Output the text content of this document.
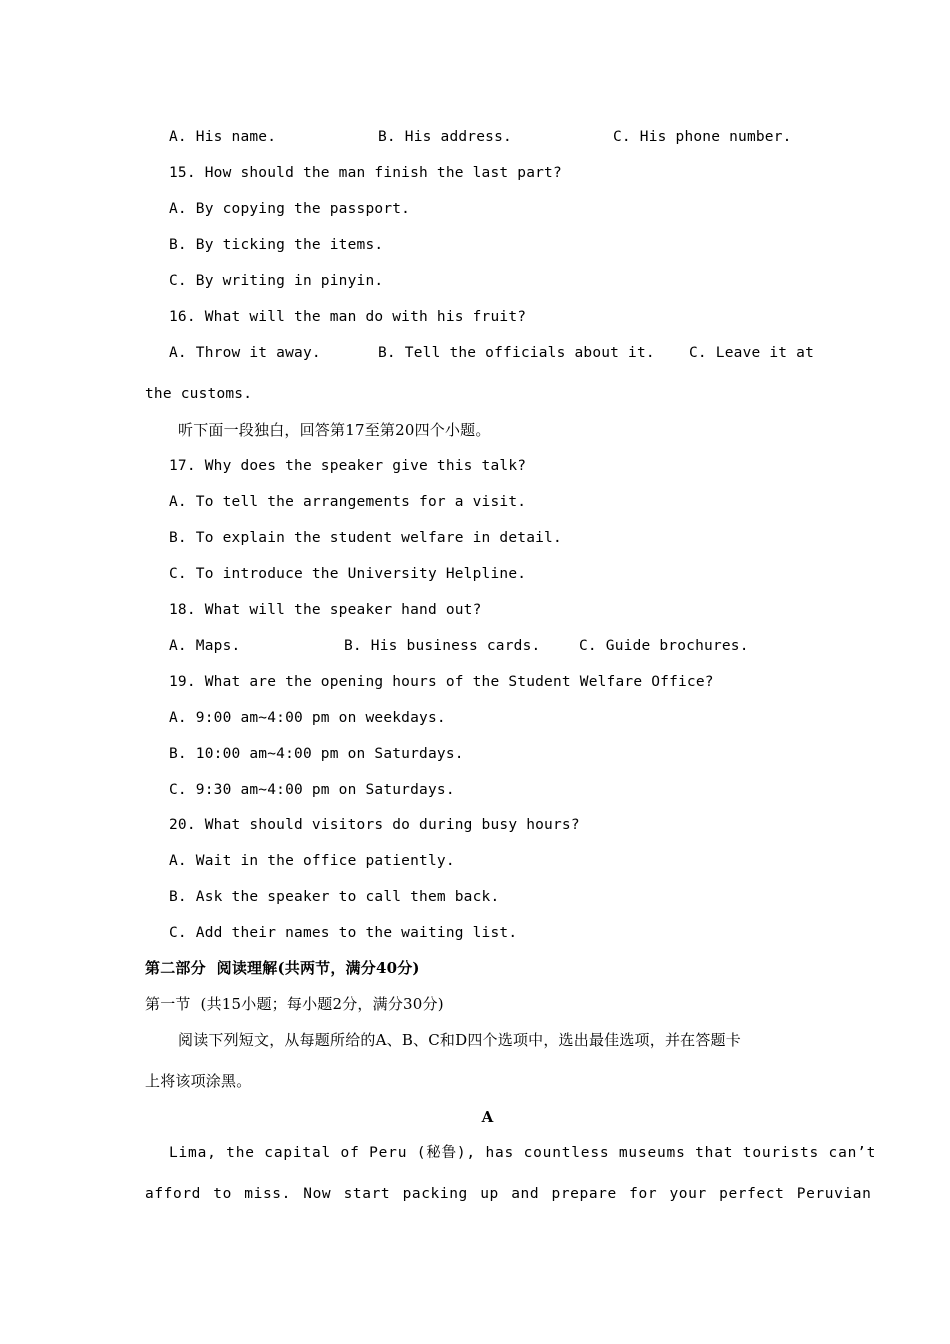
A. His name.	B. His address.	C. His phone number.
15. How should the man finish the last part?
A. By copying the passport.
B. By ticking the items.
C. By writing in pinyin.
16. What will the man do with his fruit?
A. Throw it away.	B. Tell the officials about it. C. Leave it at
the customs.
听下面一段独白，回答第17至第20四个小题。
17. Why does the speaker give this talk?
A. To tell the arrangements for a visit.
B. To explain the student welfare in detail.
C. To introduce the University Helpline.
18. What will the speaker hand out?
A. Maps.	B. His business cards.	C. Guide brochures.
19. What are the opening hours of the Student Welfare Office?
A. 9:00 am~4:00 pm on weekdays.
B. 10:00 am~4:00 pm on Saturdays.
C. 9:30 am~4:00 pm on Saturdays.
20. What should visitors do during busy hours?
A. Wait in the office patiently.
B. Ask the speaker to call them back.
C. Add their names to the waiting list.
第二部分  阅读理解(共两节，满分40分)
第一节  (共15小题；每小题2分，满分30分)
阅读下列短文，从每题所给的A、B、C和D四个选项中，选出最佳选项，并在答题卡
上将该项涂黑。
A
Lima, the capital of Peru (秘鲁), has countless museums that tourists can’t
afford to miss. Now start packing up and prepare for your perfect Peruvian
